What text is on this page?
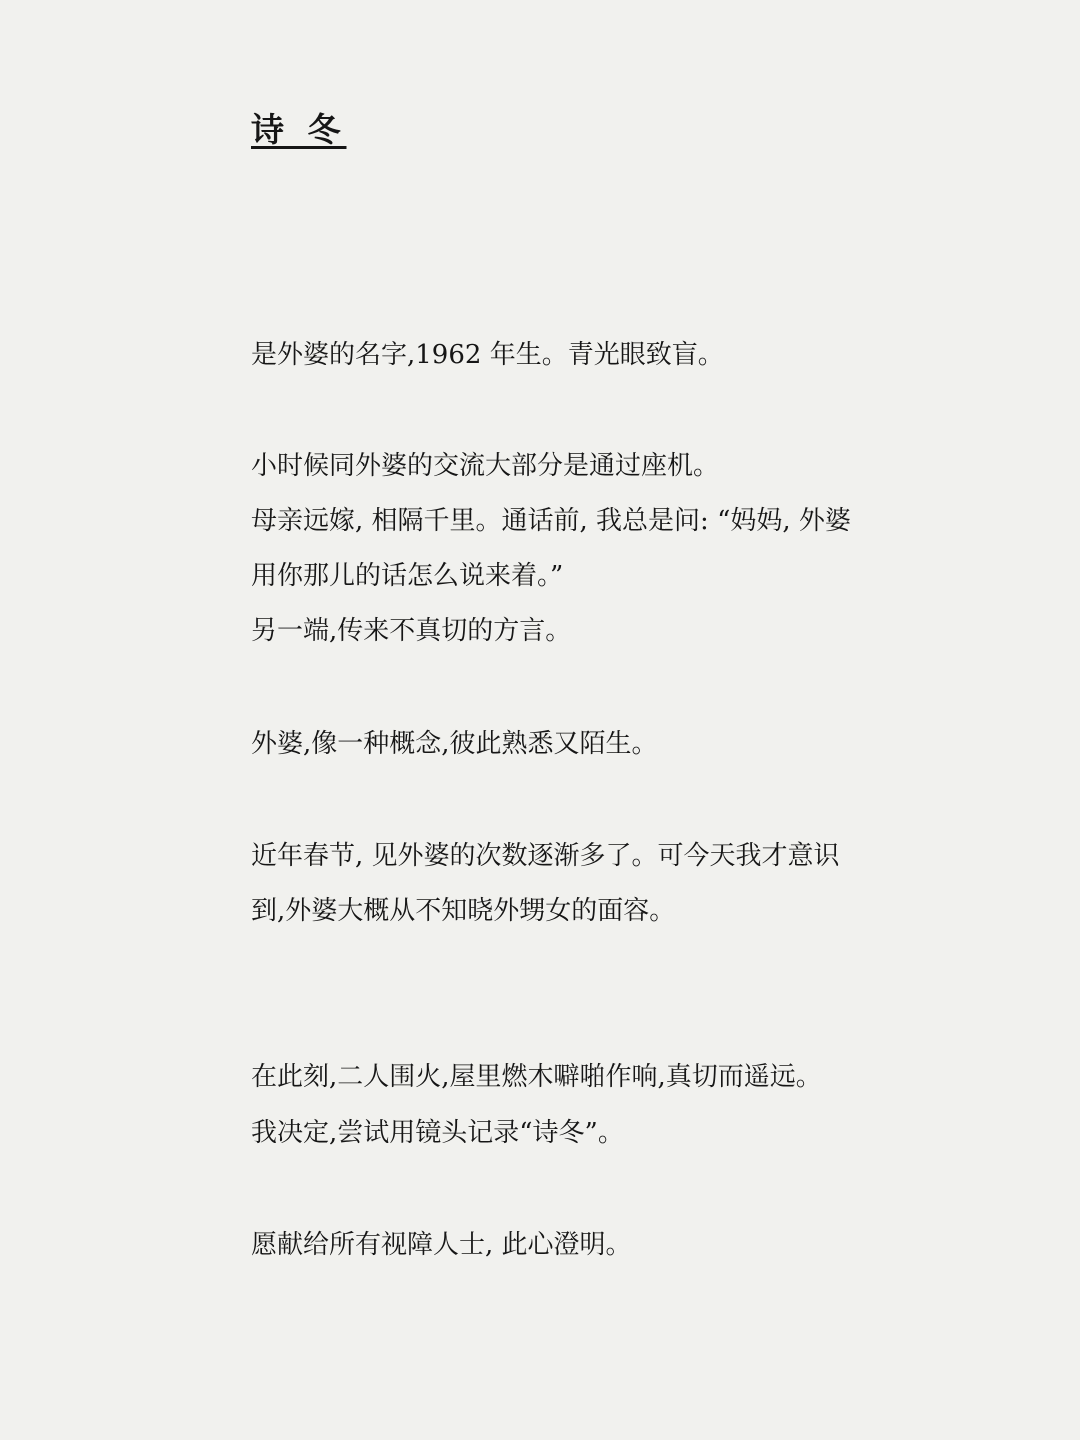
诗 冬

是外婆的名字,1962 年生。青光眼致盲。

小时候同外婆的交流大部分是通过座机。

母亲远嫁, 相隔千里。通话前, 我总是问: “妈妈, 外婆

用你那儿的话怎么说来着。”

另一端,传来不真切的方言。

外婆,像一种概念,彼此熟悉又陌生。

近年春节, 见外婆的次数逐渐多了。可今天我才意识

到,外婆大概从不知晓外甥女的面容。

在此刻,二人围火,屋里燃木噼啪作响,真切而遥远。

我决定,尝试用镜头记录“诗冬”。

愿献给所有视障人士, 此心澄明。
